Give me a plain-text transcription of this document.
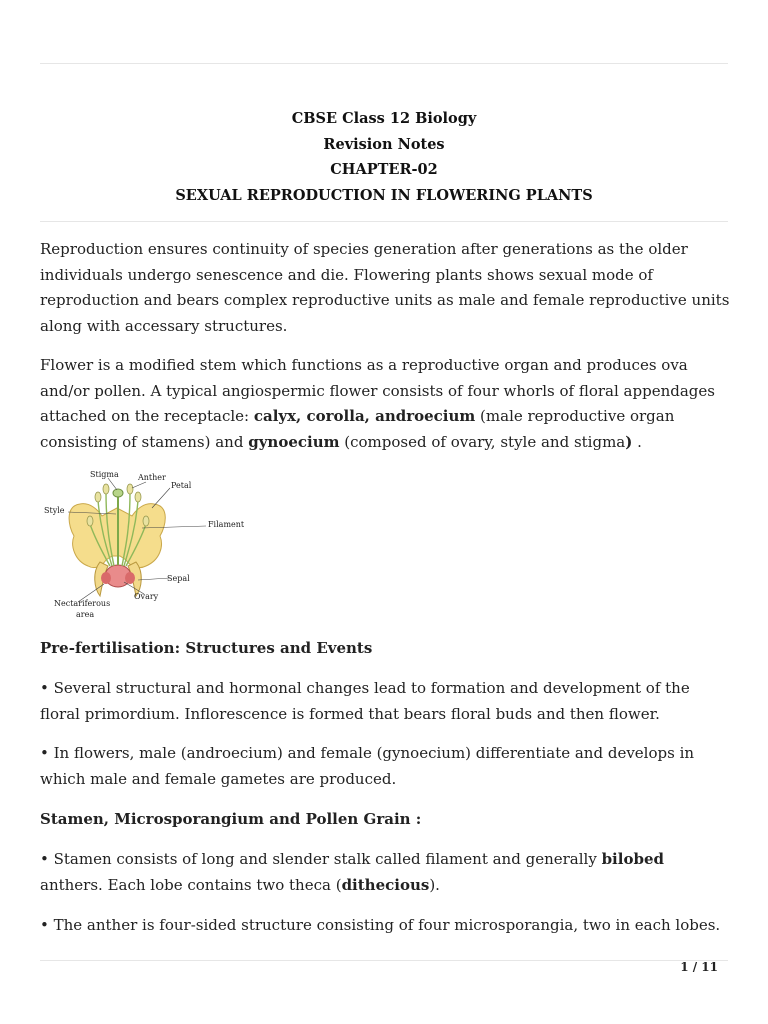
CBSE Class 12 Biology
Revision Notes
CHAPTER-02
SEXUAL REPRODUCTION IN FLOWERING PLANTS

Reproduction ensures continuity of species generation after generations as the older individuals undergo senescence and die. Flowering plants shows sexual mode of reproduction and bears complex reproductive units as male and female reproductive units along with accessary structures.

Flower is a modified stem which functions as a reproductive organ and produces ova and/or pollen. A typical angiospermic flower consists of four whorls of floral appendages attached on the receptacle: calyx, corolla, androecium (male reproductive organ consisting of stamens) and gynoecium (composed of ovary, style and stigma) .

Stigma Anther
Petal
Style
Filament
Sepal
Ovary
Nectariferous
area
Pre-fertilisation: Structures and Events

• Several structural and hormonal changes lead to formation and development of the floral primordium. Inflorescence is formed that bears floral buds and then flower.

• In flowers, male (androecium) and female (gynoecium) differentiate and develops in which male and female gametes are produced.

Stamen, Microsporangium and Pollen Grain :

• Stamen consists of long and slender stalk called filament and generally bilobed anthers. Each lobe contains two theca (dithecious).

• The anther is four-sided structure consisting of four microsporangia, two in each lobes.

1 / 11
